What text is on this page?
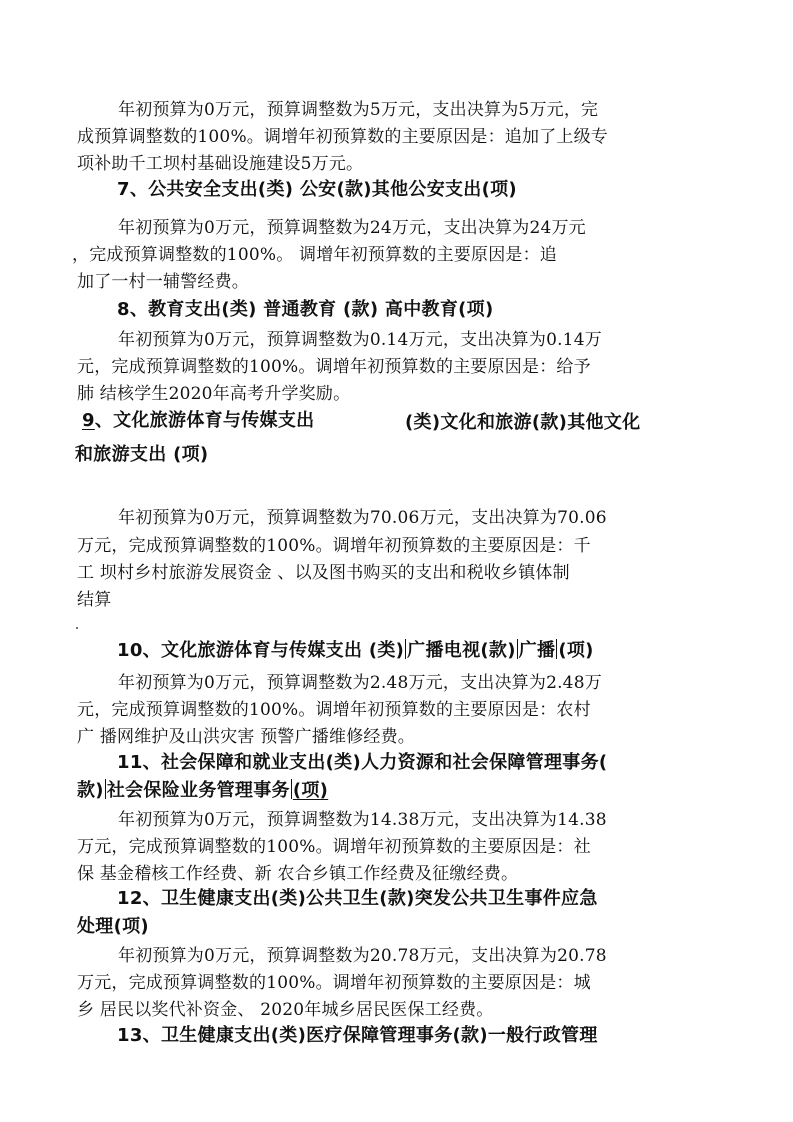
年初预算为0万元，预算调整数为5万元，支出决算为5万元，完
成预算调整数的100%。调增年初预算数的主要原因是：追加了上级专
项补助千工坝村基础设施建设5万元。
7、公共安全支出(类) 公安(款)其他公安支出(项)
年初预算为0万元，预算调整数为24万元，支出决算为24万元
，完成预算调整数的100%。 调增年初预算数的主要原因是：追
加了一村一辅警经费。
8、教育支出(类) 普通教育 (款) 高中教育(项)
年初预算为0万元，预算调整数为0.14万元，支出决算为0.14万
元，完成预算调整数的100%。调增年初预算数的主要原因是：给予
肺 结核学生2020年高考升学奖励。
9、文化旅游体育与传媒支出	(类)文化和旅游(款)其他文化
和旅游支出 (项)
年初预算为0万元，预算调整数为70.06万元，支出决算为70.06
万元，完成预算调整数的100%。调增年初预算数的主要原因是：千
工 坝村乡村旅游发展资金 、以及图书购买的支出和税收乡镇体制
结算
10、文化旅游体育与传媒支出 (类) 广播电视(款) 广播 (项)
年初预算为0万元，预算调整数为2.48万元，支出决算为2.48万
元，完成预算调整数的100%。调增年初预算数的主要原因是：农村
广 播网维护及山洪灾害 预警广播维修经费。
11、社会保障和就业支出(类)人力资源和社会保障管理事务(
款) 社会保险业务管理事务 (项)
年初预算为0万元，预算调整数为14.38万元，支出决算为14.38
万元，完成预算调整数的100%。调增年初预算数的主要原因是：社
保 基金稽核工作经费、新 农合乡镇工作经费及征缴经费。
12、卫生健康支出(类)公共卫生(款)突发公共卫生事件应急
处理(项)
年初预算为0万元，预算调整数为20.78万元，支出决算为20.78
万元，完成预算调整数的100%。调增年初预算数的主要原因是：城
乡 居民以奖代补资金、 2020年城乡居民医保工经费。
13、卫生健康支出(类)医疗保障管理事务(款)一般行政管理
